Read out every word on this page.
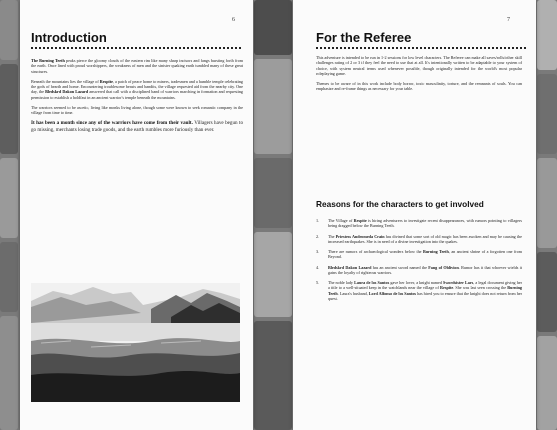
6
Introduction

The Burning Teeth peaks pierce the gloomy clouds of the eastern rim like many sharp incisors and fangs bursting forth from the earth. Once lined with proud worshippers, the weakness of men and the sinister quaking earth tumbled many of these great structures.

Beneath the mountains lies the village of Respite, a patch of peace home to miners, tradesmen and a humble temple celebrating the gods of hearth and home. Encountering troublesome beasts and bandits, the village requested aid from the nearby city. One day, the Bledskrd Dakon Lazard answered that call with a disciplined band of warriors marching in formation and requesting permission to establish a holdfast in an ancient warrior's temple beneath the mountains.

The warriors seemed to be ascetic, living like monks living alone, though some were known to seek romantic company in the village from time to time.

It has been a month since any of the warriors have come from their vault. Villagers have begun to go missing, merchants losing trade goods, and the earth rumbles more furiously than ever.

7
For the Referee

This adventure is intended to be run in 1-2 sessions for low level characters. The Referee can make all saves/rolls/other skill challenges rating of 2 or 3 if they feel the need to use that at all. It's intentionally written to be adaptable to your system of choice, with system neutral terms used whenever possible, though originally intended for the world's most popular roleplaying game.

Themes to be aware of in this work include body horror, toxic masculinity, torture, and the remnants of souls. You can emphasize and re-frame things as necessary for your table.

Reasons for the characters to get involved
1.	The Village of Respite is hiring adventurers to investigate recent disappearances, with rumors pointing to villagers being dragged below the Burning Teeth.
2.	The Priestess Andromeda Crain has divined that some sort of old magic has been awoken and may be causing the increased earthquakes. She is in need of a divine investigation into the quakes.
3.	There are rumors of archaeological wonders below the Burning Teeth, an ancient shrine of a forgotten one from Beyond.
4.	Bledskrd Dakon Lazard has an ancient sword named the Fang of Oblivion. Rumor has it that whoever wields it gains the loyalty of righteous warriors.
5.	The noble lady Laura de los Santos gave her lover, a knight named Swordsister Lars, a legal document giving her a title to a well-situated keep in the watchlands near the village of Respite. She was last seen crossing the Burning Teeth. Laura's husband, Lord Alfonso de los Santos has hired you to ensure that the knight does not return from her quest.
